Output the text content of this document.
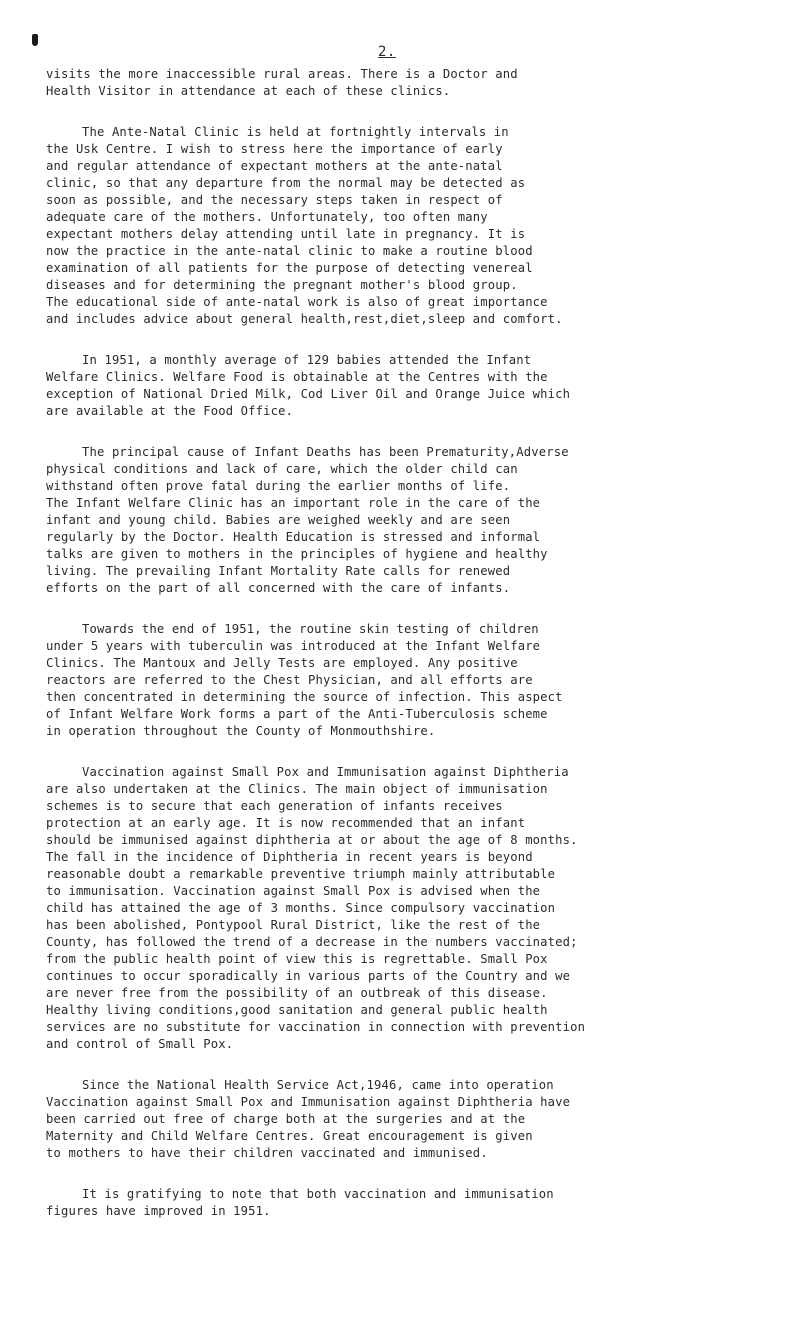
2.
visits the more inaccessible rural areas. There is a Doctor and
Health Visitor in attendance at each of these clinics.
The Ante-Natal Clinic is held at fortnightly intervals in
the Usk Centre. I wish to stress here the importance of early
and regular attendance of expectant mothers at the ante-natal
clinic, so that any departure from the normal may be detected as
soon as possible, and the necessary steps taken in respect of
adequate care of the mothers. Unfortunately, too often many
expectant mothers delay attending until late in pregnancy. It is
now the practice in the ante-natal clinic to make a routine blood
examination of all patients for the purpose of detecting venereal
diseases and for determining the pregnant mother's blood group.
The educational side of ante-natal work is also of great importance
and includes advice about general health,rest,diet,sleep and comfort.
In 1951, a monthly average of 129 babies attended the Infant
Welfare Clinics. Welfare Food is obtainable at the Centres with the
exception of National Dried Milk, Cod Liver Oil and Orange Juice which
are available at the Food Office.
The principal cause of Infant Deaths has been Prematurity,Adverse
physical conditions and lack of care, which the older child can
withstand often prove fatal during the earlier months of life.
The Infant Welfare Clinic has an important role in the care of the
infant and young child. Babies are weighed weekly and are seen
regularly by the Doctor. Health Education is stressed and informal
talks are given to mothers in the principles of hygiene and healthy
living. The prevailing Infant Mortality Rate calls for renewed
efforts on the part of all concerned with the care of infants.
Towards the end of 1951, the routine skin testing of children
under 5 years with tuberculin was introduced at the Infant Welfare
Clinics. The Mantoux and Jelly Tests are employed. Any positive
reactors are referred to the Chest Physician, and all efforts are
then concentrated in determining the source of infection. This aspect
of Infant Welfare Work forms a part of the Anti-Tuberculosis scheme
in operation throughout the County of Monmouthshire.
Vaccination against Small Pox and Immunisation against Diphtheria
are also undertaken at the Clinics. The main object of immunisation
schemes is to secure that each generation of infants receives
protection at an early age. It is now recommended that an infant
should be immunised against diphtheria at or about the age of 8 months.
The fall in the incidence of Diphtheria in recent years is beyond
reasonable doubt a remarkable preventive triumph mainly attributable
to immunisation. Vaccination against Small Pox is advised when the
child has attained the age of 3 months. Since compulsory vaccination
has been abolished, Pontypool Rural District, like the rest of the
County, has followed the trend of a decrease in the numbers vaccinated;
from the public health point of view this is regrettable. Small Pox
continues to occur sporadically in various parts of the Country and we
are never free from the possibility of an outbreak of this disease.
Healthy living conditions,good sanitation and general public health
services are no substitute for vaccination in connection with prevention
and control of Small Pox.
Since the National Health Service Act,1946, came into operation
Vaccination against Small Pox and Immunisation against Diphtheria have
been carried out free of charge both at the surgeries and at the
Maternity and Child Welfare Centres. Great encouragement is given
to mothers to have their children vaccinated and immunised.
It is gratifying to note that both vaccination and immunisation
figures have improved in 1951.
